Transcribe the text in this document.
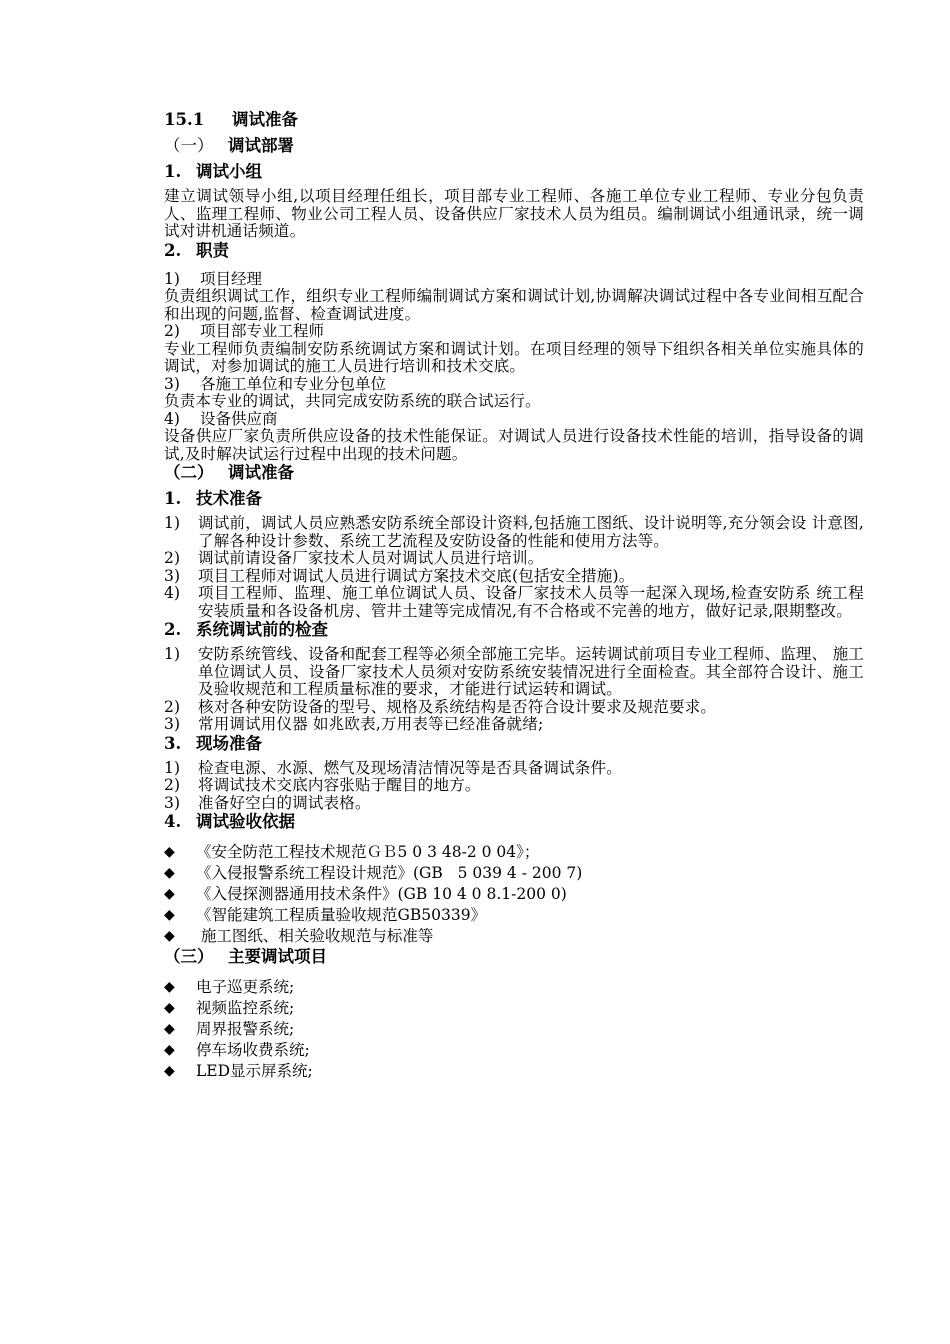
15.1 调试准备
（一） 调试部署
1. 调试小组
建立调试领导小组,以项目经理任组长，项目部专业工程师、各施工单位专业工程师、专业分包负责人、监理工程师、物业公司工程人员、设备供应厂家技术人员为组员。编制调试小组通讯录，统一调试对讲机通话频道。
2. 职责
1) 项目经理
负责组织调试工作，组织专业工程师编制调试方案和调试计划,协调解决调试过程中各专业间相互配合和出现的问题,监督、检查调试进度。
2) 项目部专业工程师
专业工程师负责编制安防系统调试方案和调试计划。在项目经理的领导下组织各相关单位实施具体的调试，对参加调试的施工人员进行培训和技术交底。
3) 各施工单位和专业分包单位
负责本专业的调试，共同完成安防系统的联合试运行。
4) 设备供应商
设备供应厂家负责所供应设备的技术性能保证。对调试人员进行设备技术性能的培训，指导设备的调试,及时解决试运行过程中出现的技术问题。
（二） 调试准备
1. 技术准备
1) 调试前，调试人员应熟悉安防系统全部设计资料,包括施工图纸、设计说明等,充分领会设 计意图,了解各种设计参数、系统工艺流程及安防设备的性能和使用方法等。
2) 调试前请设备厂家技术人员对调试人员进行培训。
3) 项目工程师对调试人员进行调试方案技术交底(包括安全措施)。
4) 项目工程师、监理、施工单位调试人员、设备厂家技术人员等一起深入现场,检查安防系 统工程安装质量和各设备机房、管井土建等完成情况,有不合格或不完善的地方，做好记录,限期整改。
2. 系统调试前的检查
1) 安防系统管线、设备和配套工程等必须全部施工完毕。运转调试前项目专业工程师、监理、 施工单位调试人员、设备厂家技术人员须对安防系统安装情况进行全面检查。其全部符合设计、施工及验收规范和工程质量标准的要求，才能进行试运转和调试。
2) 核对各种安防设备的型号、规格及系统结构是否符合设计要求及规范要求。
3) 常用调试用仪器 如兆欧表,万用表等已经准备就绪;
3. 现场准备
1) 检查电源、水源、燃气及现场清洁情况等是否具备调试条件。
2) 将调试技术交底内容张贴于醒目的地方。
3) 准备好空白的调试表格。
4. 调试验收依据
◆ 《安全防范工程技术规范ＧＢ5 0 3 48-2 0 04》；
◆ 《入侵报警系统工程设计规范》(GB   5 039 4 - 200 7)
◆ 《入侵探测器通用技术条件》(GB 10 4 0 8.1-200 0)
◆ 《智能建筑工程质量验收规范GB50339》
◆ 施工图纸、相关验收规范与标准等
（三） 主要调试项目
◆ 电子巡更系统;
◆ 视频监控系统;
◆ 周界报警系统;
◆ 停车场收费系统;
◆ LED显示屏系统;
